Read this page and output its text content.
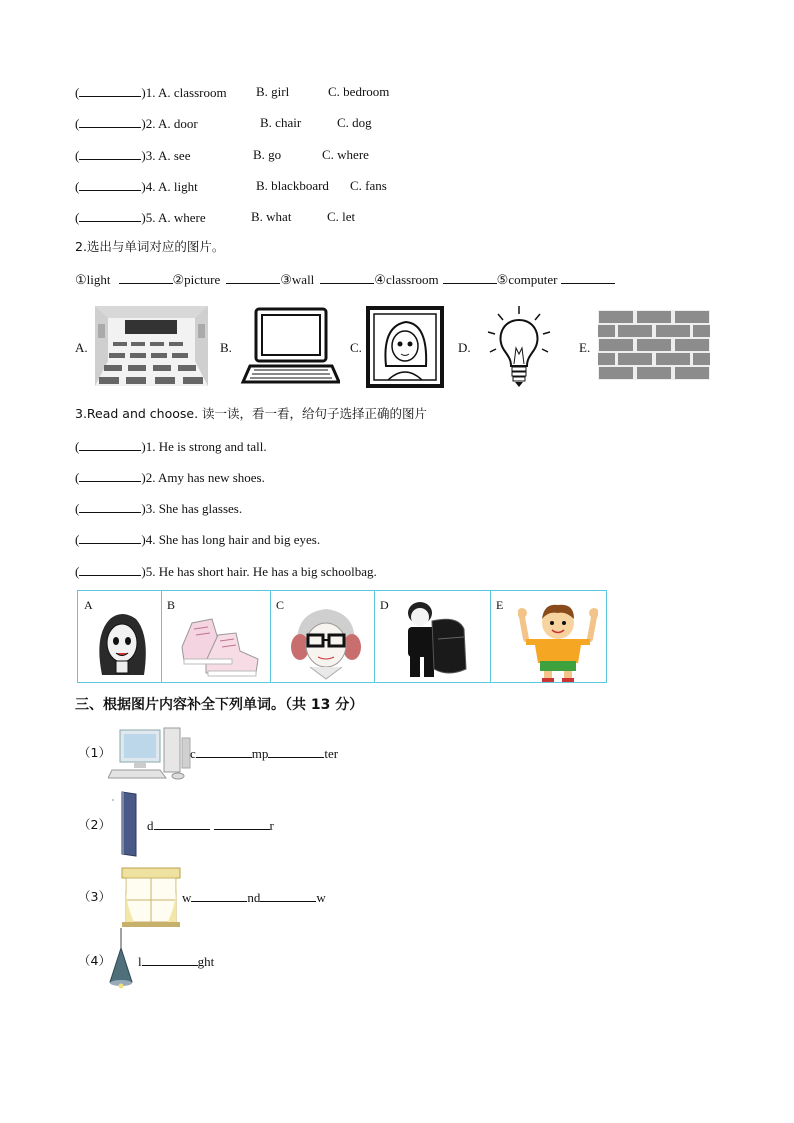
(	)1. A. classroom B. girl	C. bedroom
(	)2. A. door	B. chair	C. dog
(	)3. A. see	B. go	C. where
(	)4. A. light	B. blackboard C. fans
(	)5. A. where	B. what	C. let
2.选出与单词对应的图片。
①light	②picture	③wall	④classroom	⑤computer
A.	B.	C.	D.	E.
3.Read and choose. 读一读，看一看，给句子选择正确的图片
(	)1. He is strong and tall.
(	)2. Amy has new shoes.
(	)3. She has glasses.
(	)4. She has long hair and big eyes.
(	)5. He has short hair. He has a big schoolbag.
A	B	C	D	E
三、根据图片内容补全下列单词。（共 13 分）
（1）	c	mp	ter
（2）	d	r
（3）	w	nd	w
（4） l	ght
